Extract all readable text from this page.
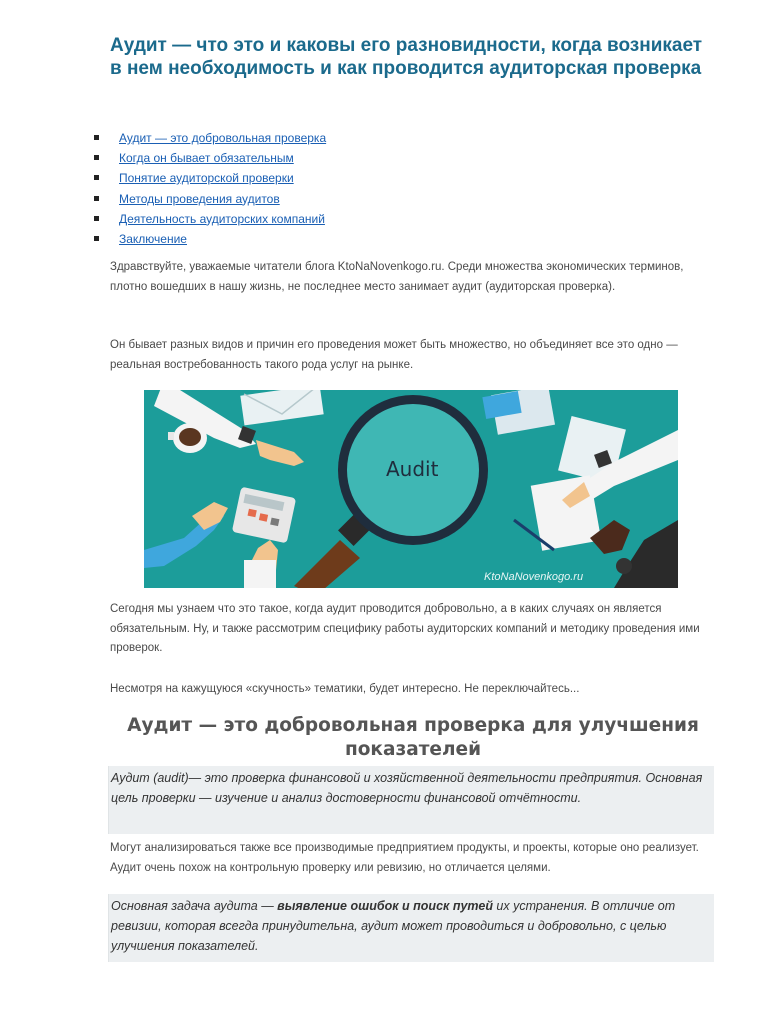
Аудит — что это и каковы его разновидности, когда возникает в нем необходимость и как проводится аудиторская проверка
Аудит — это добровольная проверка
Когда он бывает обязательным
Понятие аудиторской проверки
Методы проведения аудитов
Деятельность аудиторских компаний
Заключение

Здравствуйте, уважаемые читатели блога KtoNaNovenkogo.ru. Среди множества экономических терминов, плотно вошедших в нашу жизнь, не последнее место занимает аудит (аудиторская проверка).

Он бывает разных видов и причин его проведения может быть множество, но объединяет все это одно — реальная востребованность такого рода услуг на рынке.

Audit
KtoNaNovenkogo.ru

Сегодня мы узнаем что это такое, когда аудит проводится добровольно, а в каких случаях он является обязательным. Ну, и также рассмотрим специфику работы аудиторских компаний и методику проведения ими проверок.

Несмотря на кажущуюся «скучность» тематики, будет интересно. Не переключайтесь...

Аудит — это добровольная проверка для улучшения показателей
Аудит (audit)— это проверка финансовой и хозяйственной деятельности предприятия. Основная цель проверки — изучение и анализ достоверности финансовой отчётности.

Могут анализироваться также все производимые предприятием продукты, и проекты, которые оно реализует. Аудит очень похож на контрольную проверку или ревизию, но отличается целями.

Основная задача аудита — выявление ошибок и поиск путей их устранения. В отличие от ревизии, которая всегда принудительна, аудит может проводиться и добровольно, с целью улучшения показателей.
